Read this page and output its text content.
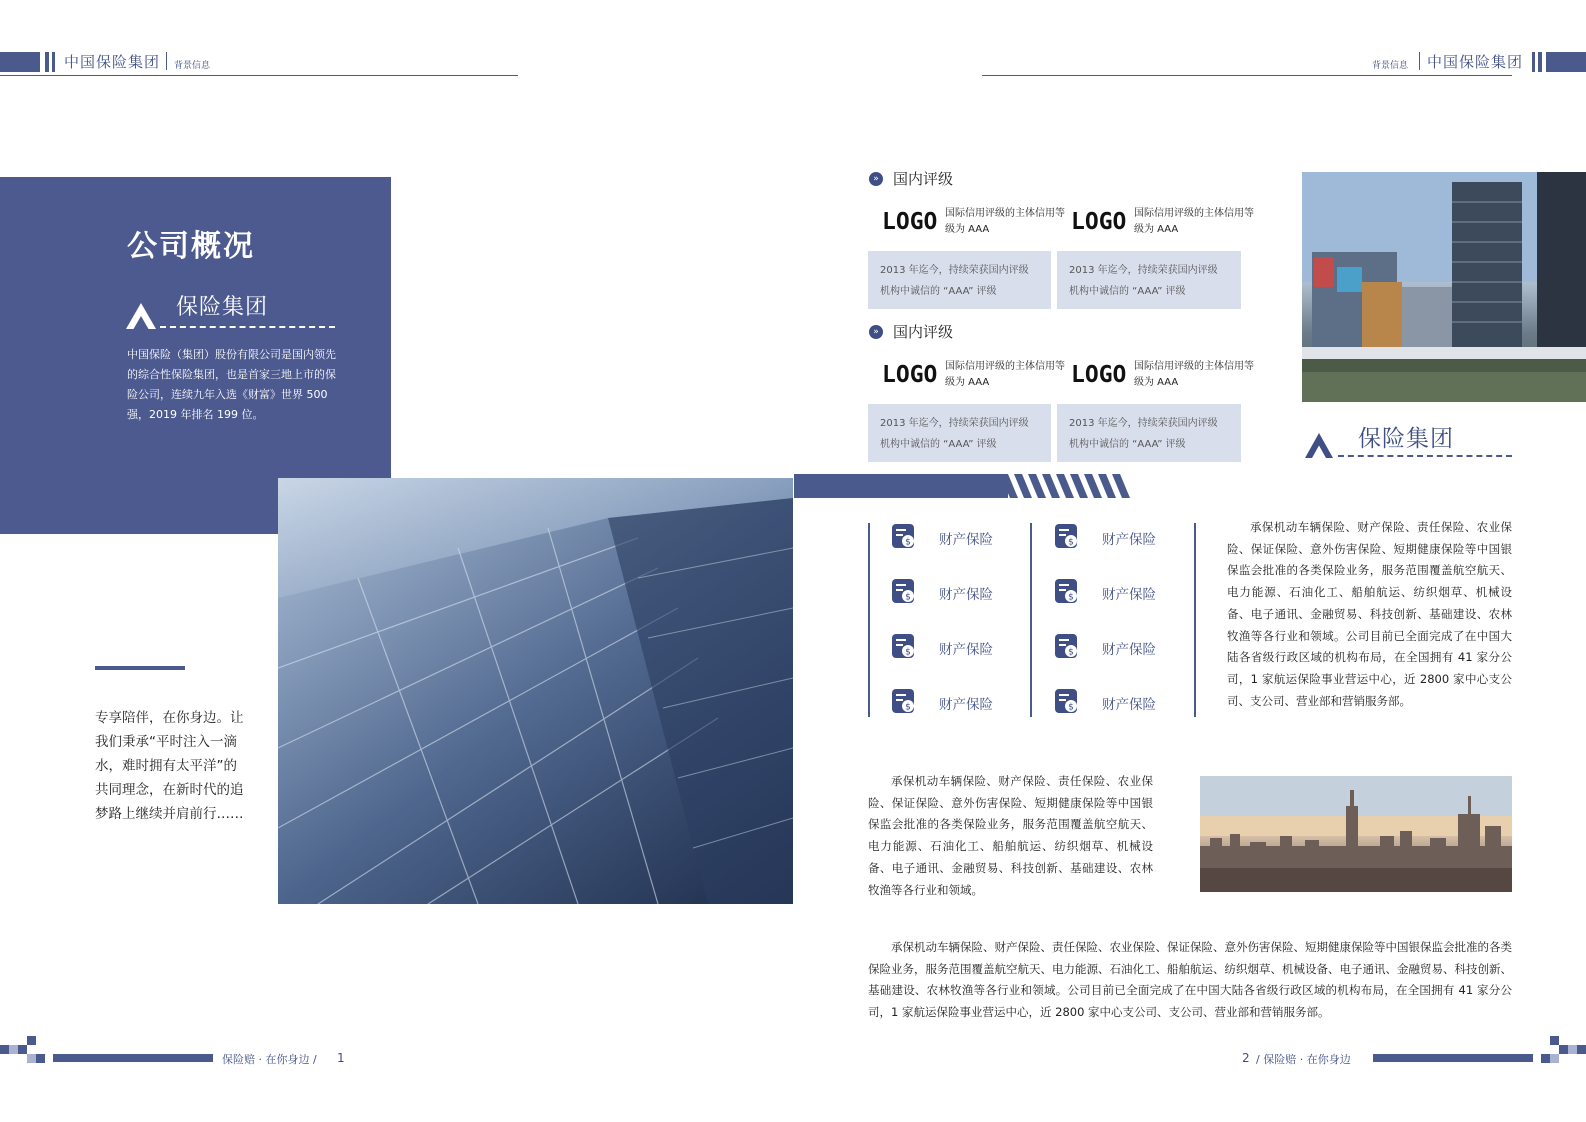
中国保险集团 背景信息	背景信息 中国保险集团
公司概况
保险集团
中国保险（集团）股份有限公司是国内领先的综合性保险集团，也是首家三地上市的保险公司，连续九年入选《财富》世界 500 强，2019 年排名 199 位。
专享陪伴，在你身边。让我们秉承“平时注入一滴水，难时拥有太平洋”的共同理念，在新时代的追梦路上继续并肩前行……
» 国内评级
LOGO 国际信用评级的主体信用等级为 AAA	LOGO 国际信用评级的主体信用等级为 AAA
2013 年迄今，持续荣获国内评级
机构中诚信的 “AAA” 评级
2013 年迄今，持续荣获国内评级
机构中诚信的 “AAA” 评级
» 国内评级
LOGO 国际信用评级的主体信用等级为 AAA	LOGO 国际信用评级的主体信用等级为 AAA
2013 年迄今，持续荣获国内评级
机构中诚信的 “AAA” 评级
2013 年迄今，持续荣获国内评级
机构中诚信的 “AAA” 评级	保险集团
$ 财产保险
$ 财产保险
$ 财产保险
$ 财产保险
$ 财产保险
$ 财产保险
$ 财产保险
$ 财产保险
承保机动车辆保险、财产保险、责任保险、农业保险、保证保险、意外伤害保险、短期健康保险等中国银保监会批准的各类保险业务，服务范围覆盖航空航天、电力能源、石油化工、船舶航运、纺织烟草、机械设备、电子通讯、金融贸易、科技创新、基础建设、农林牧渔等各行业和领域。公司目前已全面完成了在中国大陆各省级行政区域的机构布局，在全国拥有 41 家分公司，1 家航运保险事业营运中心，近 2800 家中心支公司、支公司、营业部和营销服务部。
承保机动车辆保险、财产保险、责任保险、农业保险、保证保险、意外伤害保险、短期健康保险等中国银保监会批准的各类保险业务，服务范围覆盖航空航天、电力能源、石油化工、船舶航运、纺织烟草、机械设备、电子通讯、金融贸易、科技创新、基础建设、农林牧渔等各行业和领域。
承保机动车辆保险、财产保险、责任保险、农业保险、保证保险、意外伤害保险、短期健康保险等中国银保监会批准的各类保险业务，服务范围覆盖航空航天、电力能源、石油化工、船舶航运、纺织烟草、机械设备、电子通讯、金融贸易、科技创新、基础建设、农林牧渔等各行业和领域。公司目前已全面完成了在中国大陆各省级行政区域的机构布局，在全国拥有 41 家分公司，1 家航运保险事业营运中心，近 2800 家中心支公司、支公司、营业部和营销服务部。
保险赔 · 在你身边 / 1	2 / 保险赔 · 在你身边
